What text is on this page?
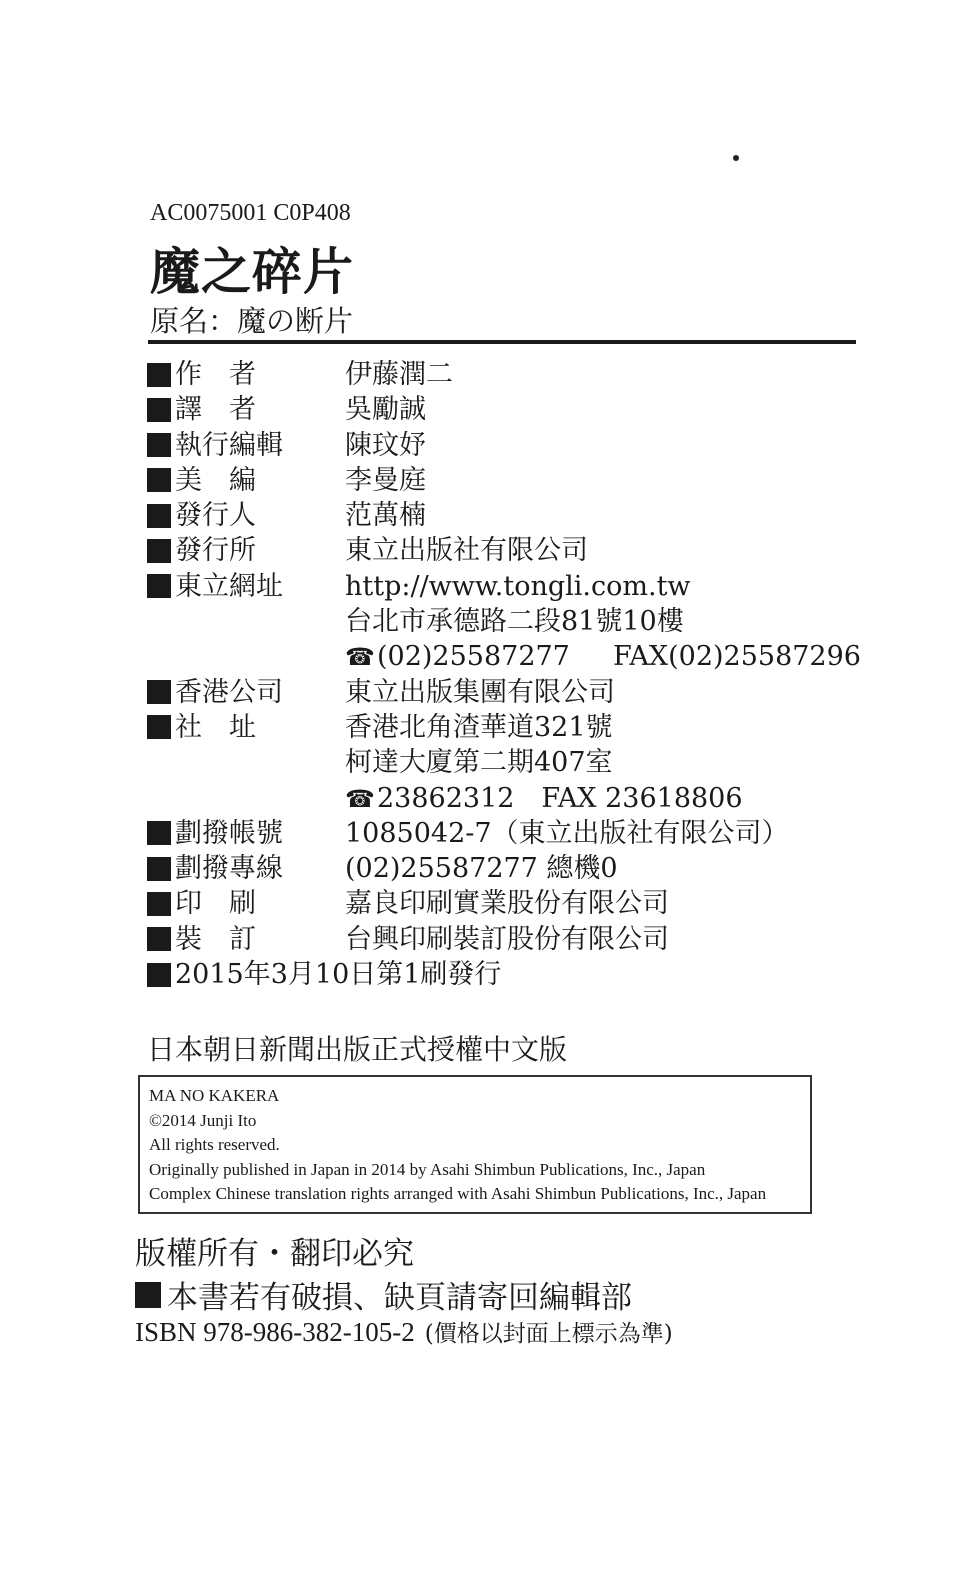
AC0075001 C0P408
魔之碎片
原名：魔の断片
作　者	伊藤潤二
譯　者	吳勵誠
執行編輯	陳玟妤
美　編	李曼庭
發行人	范萬楠
發行所	東立出版社有限公司
東立網址	http://www.tongli.com.tw
台北市承德路二段81號10樓
☎(02)25587277 FAX(02)25587296
香港公司	東立出版集團有限公司
社　址	香港北角渣華道321號
柯達大廈第二期407室
☎23862312　FAX 23618806
劃撥帳號	1085042-7（東立出版社有限公司）
劃撥專線	(02)25587277 總機0
印　刷	嘉良印刷實業股份有限公司
裝　訂	台興印刷裝訂股份有限公司
2015年3月10日第1刷發行
日本朝日新聞出版正式授權中文版
MA NO KAKERA
©2014 Junji Ito
All rights reserved.
Originally published in Japan in 2014 by Asahi Shimbun Publications, Inc., Japan
Complex Chinese translation rights arranged with Asahi Shimbun Publications, Inc., Japan
版權所有・翻印必究
本書若有破損、缺頁請寄回編輯部
ISBN 978-986-382-105-2 (價格以封面上標示為準)
